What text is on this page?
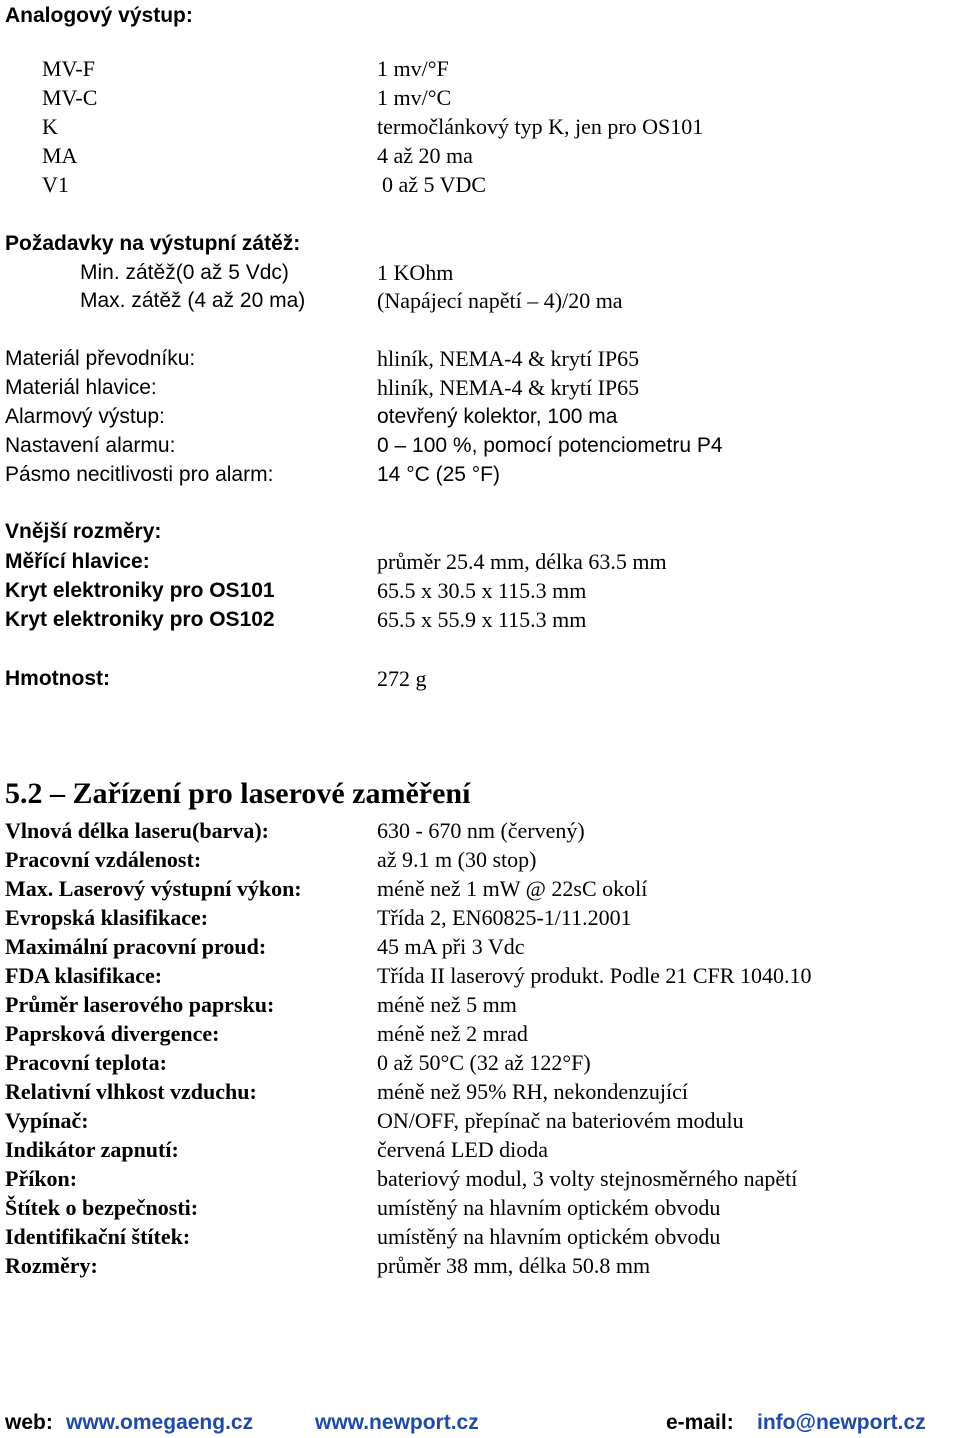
Analogový výstup:
MV-F	1 mv/°F
MV-C	1 mv/°C
K	termočlánkový typ K, jen pro OS101
MA	4 až 20 ma
V1	0 až 5 VDC
Požadavky na výstupní zátěž:
Min. zátěž(0 až 5 Vdc)	1 KOhm
Max. zátěž (4 až 20 ma)	(Napájecí napětí – 4)/20 ma
Materiál převodníku:	hliník, NEMA-4 & krytí IP65
Materiál hlavice:	hliník, NEMA-4 & krytí IP65
Alarmový výstup:	otevřený kolektor, 100 ma
Nastavení alarmu:	0 – 100 %, pomocí potenciometru P4
Pásmo necitlivosti pro alarm:	14 °C (25 °F)
Vnější rozměry:
Měřící hlavice:	průměr 25.4 mm, délka 63.5 mm
Kryt elektroniky pro OS101	65.5 x 30.5 x 115.3 mm
Kryt elektroniky pro OS102	65.5 x 55.9 x 115.3 mm
Hmotnost:	272 g
5.2 – Zařízení pro laserové zaměření
Vlnová délka laseru(barva):	630 - 670 nm (červený)
Pracovní vzdálenost:	až 9.1 m (30 stop)
Max. Laserový výstupní výkon:	méně než 1 mW @ 22sC okolí
Evropská klasifikace:	Třída 2, EN60825-1/11.2001
Maximální pracovní proud:	45 mA při 3 Vdc
FDA klasifikace:	Třída II laserový produkt. Podle 21 CFR 1040.10
Průměr laserového paprsku:	méně než 5 mm
Paprsková divergence:	méně než 2 mrad
Pracovní teplota:	0 až 50°C (32 až 122°F)
Relativní vlhkost vzduchu:	méně než 95% RH, nekondenzující
Vypínač:	ON/OFF, přepínač na bateriovém modulu
Indikátor zapnutí:	červená LED dioda
Příkon:	bateriový modul, 3 volty stejnosměrného napětí
Štítek o bezpečnosti:	umístěný na hlavním optickém obvodu
Identifikační štítek:	umístěný na hlavním optickém obvodu
Rozměry:	průměr 38 mm, délka 50.8 mm
web: www.omegaeng.cz	www.newport.cz	e-mail: info@newport.cz
